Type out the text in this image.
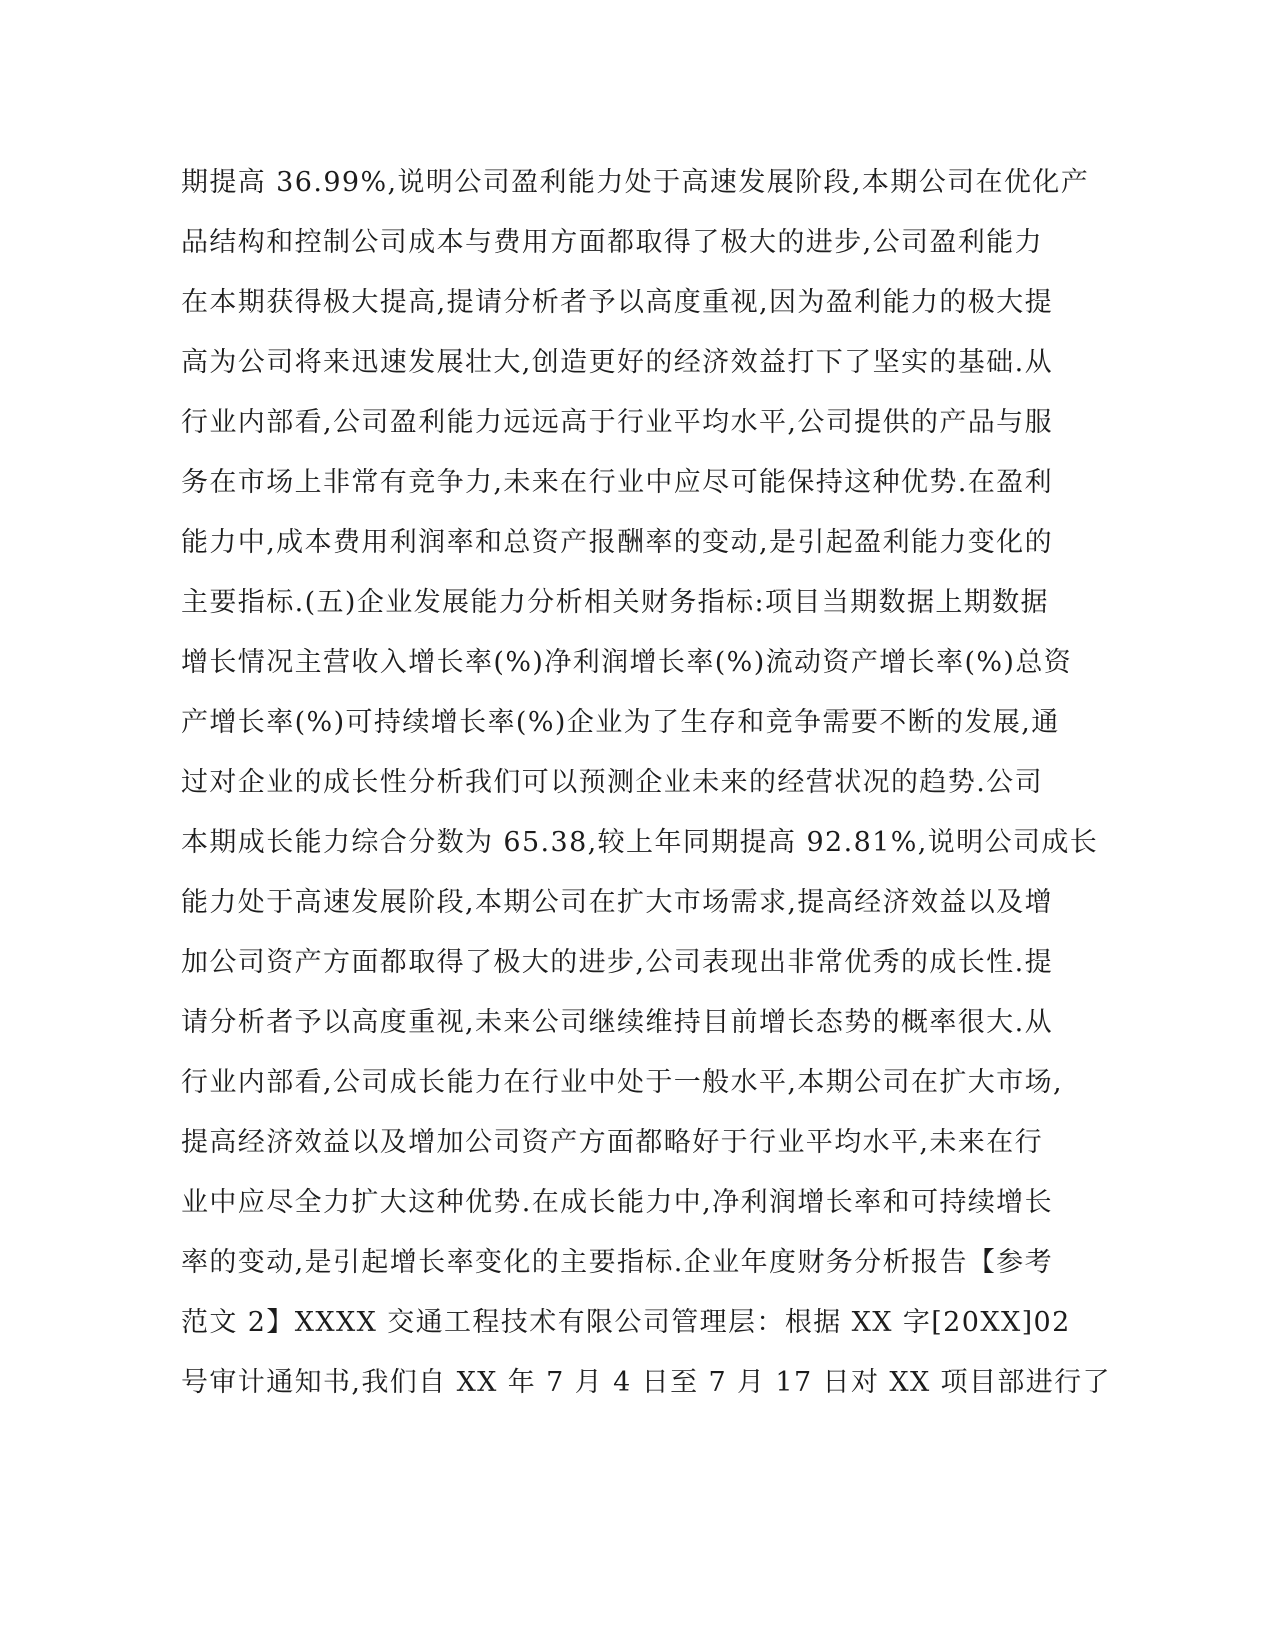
期提高 36.99%,说明公司盈利能力处于高速发展阶段,本期公司在优化产
品结构和控制公司成本与费用方面都取得了极大的进步,公司盈利能力
在本期获得极大提高,提请分析者予以高度重视,因为盈利能力的极大提
高为公司将来迅速发展壮大,创造更好的经济效益打下了坚实的基础.从
行业内部看,公司盈利能力远远高于行业平均水平,公司提供的产品与服
务在市场上非常有竞争力,未来在行业中应尽可能保持这种优势.在盈利
能力中,成本费用利润率和总资产报酬率的变动,是引起盈利能力变化的
主要指标.(五)企业发展能力分析相关财务指标:项目当期数据上期数据
增长情况主营收入增长率(%)净利润增长率(%)流动资产增长率(%)总资
产增长率(%)可持续增长率(%)企业为了生存和竞争需要不断的发展,通
过对企业的成长性分析我们可以预测企业未来的经营状况的趋势.公司
本期成长能力综合分数为 65.38,较上年同期提高 92.81%,说明公司成长
能力处于高速发展阶段,本期公司在扩大市场需求,提高经济效益以及增
加公司资产方面都取得了极大的进步,公司表现出非常优秀的成长性.提
请分析者予以高度重视,未来公司继续维持目前增长态势的概率很大.从
行业内部看,公司成长能力在行业中处于一般水平,本期公司在扩大市场,
提高经济效益以及增加公司资产方面都略好于行业平均水平,未来在行
业中应尽全力扩大这种优势.在成长能力中,净利润增长率和可持续增长
率的变动,是引起增长率变化的主要指标.企业年度财务分析报告【参考
范文 2】XXXX 交通工程技术有限公司管理层：根据 XX 字[20XX]02
号审计通知书,我们自 XX 年 7 月 4 日至 7 月 17 日对 XX 项目部进行了
